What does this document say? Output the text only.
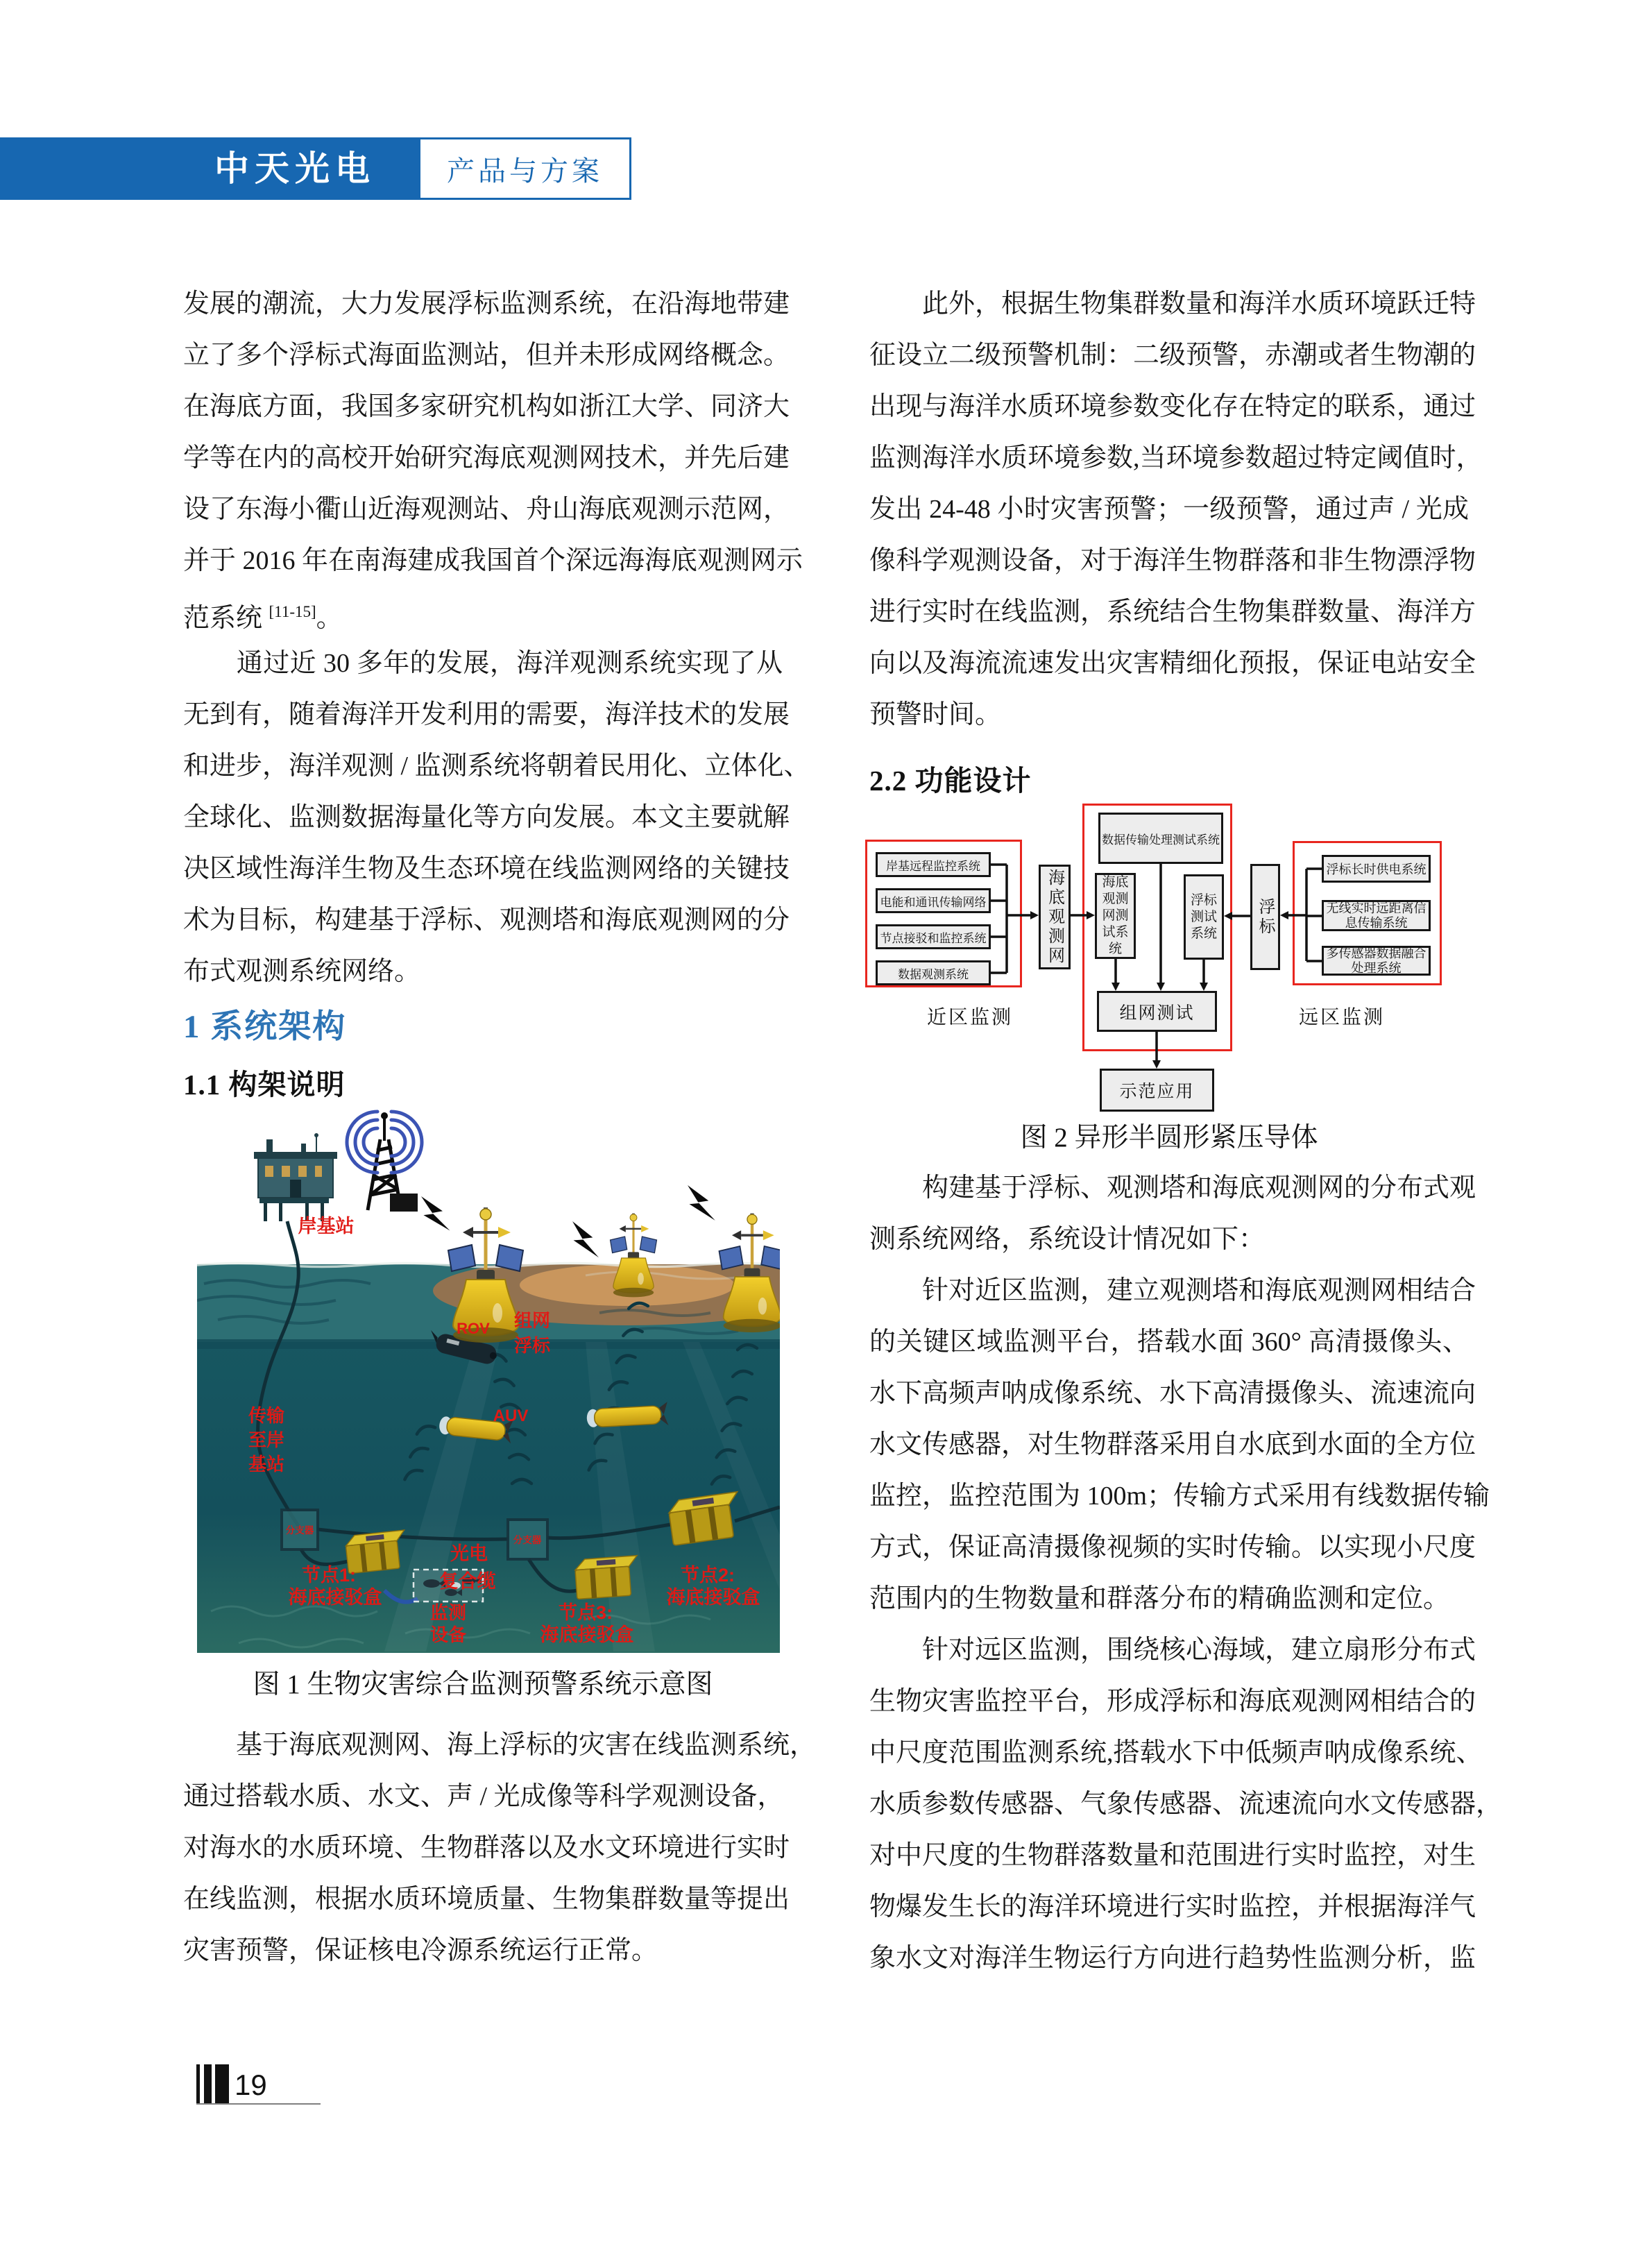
中天光电	产品与方案
发展的潮流，大力发展浮标监测系统，在沿海地带建
立了多个浮标式海面监测站，但并未形成网络概念。
在海底方面，我国多家研究机构如浙江大学、同济大
学等在内的高校开始研究海底观测网技术，并先后建
设了东海小衢山近海观测站、舟山海底观测示范网，
并于 2016 年在南海建成我国首个深远海海底观测网示
范系统 [11-15]。
　　通过近 30 多年的发展，海洋观测系统实现了从
无到有，随着海洋开发利用的需要，海洋技术的发展
和进步，海洋观测 / 监测系统将朝着民用化、立体化、
全球化、监测数据海量化等方向发展。本文主要就解
决区域性海洋生物及生态环境在线监测网络的关键技
术为目标，构建基于浮标、观测塔和海底观测网的分
布式观测系统网络。
1 系统架构
1.1 构架说明
岸基站
组网
浮标
传输
至岸
基站
ROV
AUV
分支器
分支器
光电
复合缆
节点1:
海底接驳盒
节点2:
海底接驳盒
节点3:
海底接驳盒
监测
设备
图 1 生物灾害综合监测预警系统示意图
　　基于海底观测网、海上浮标的灾害在线监测系统，
通过搭载水质、水文、声 / 光成像等科学观测设备，
对海水的水质环境、生物群落以及水文环境进行实时
在线监测，根据水质环境质量、生物集群数量等提出
灾害预警，保证核电冷源系统运行正常。
　　此外，根据生物集群数量和海洋水质环境跃迁特
征设立二级预警机制：二级预警，赤潮或者生物潮的
出现与海洋水质环境参数变化存在特定的联系，通过
监测海洋水质环境参数,当环境参数超过特定阈值时，
发出 24-48 小时灾害预警；一级预警，通过声 / 光成
像科学观测设备，对于海洋生物群落和非生物漂浮物
进行实时在线监测，系统结合生物集群数量、海洋方
向以及海流流速发出灾害精细化预报，保证电站安全
预警时间。
2.2 功能设计
岸基远程监控系统
电能和通讯传输网络
节点接驳和监控系统
数据观测系统
海底观测网
数据传输处理测试系统
海底观测网测试系统
浮标测试系统
组网测试
浮标
浮标长时供电系统
无线实时远距离信息传输系统
多传感器数据融合处理系统
示范应用
近区监测	远区监测
图 2 异形半圆形紧压导体
　　构建基于浮标、观测塔和海底观测网的分布式观
测系统网络，系统设计情况如下：
　　针对近区监测，建立观测塔和海底观测网相结合
的关键区域监测平台，搭载水面 360° 高清摄像头、
水下高频声呐成像系统、水下高清摄像头、流速流向
水文传感器，对生物群落采用自水底到水面的全方位
监控，监控范围为 100m；传输方式采用有线数据传输
方式，保证高清摄像视频的实时传输。以实现小尺度
范围内的生物数量和群落分布的精确监测和定位。
　　针对远区监测，围绕核心海域，建立扇形分布式
生物灾害监控平台，形成浮标和海底观测网相结合的
中尺度范围监测系统,搭载水下中低频声呐成像系统、
水质参数传感器、气象传感器、流速流向水文传感器，
对中尺度的生物群落数量和范围进行实时监控，对生
物爆发生长的海洋环境进行实时监控，并根据海洋气
象水文对海洋生物运行方向进行趋势性监测分析，监
19
